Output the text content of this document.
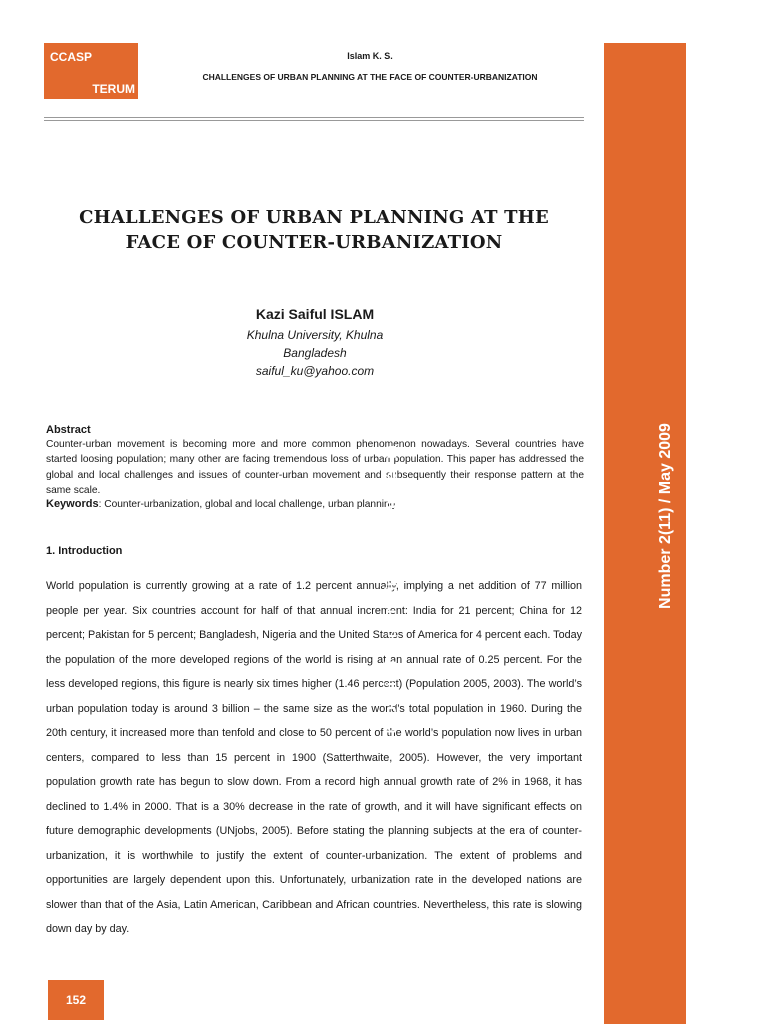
CCASP
TERUM
Islam K. S.
CHALLENGES OF URBAN PLANNING AT THE FACE OF COUNTER-URBANIZATION
CHALLENGES OF URBAN PLANNING AT THE
FACE OF COUNTER-URBANIZATION
Kazi Saiful ISLAM
Khulna University, Khulna
Bangladesh
saiful_ku@yahoo.com
Abstract
Counter-urban movement is becoming more and more common phenomenon nowadays. Several countries have started loosing population; many other are facing tremendous loss of urban population. This paper has addressed the global and local challenges and issues of counter-urban movement and subsequently their response pattern at the same scale.
Keywords: Counter-urbanization, global and local challenge, urban planning
1. Introduction
World population is currently growing at a rate of 1.2 percent annually, implying a net addition of 77 million people per year. Six countries account for half of that annual increment: India for 21 percent; China for 12 percent; Pakistan for 5 percent; Bangladesh, Nigeria and the United States of America for 4 percent each. Today the population of the more developed regions of the world is rising at an annual rate of 0.25 percent. For the less developed regions, this figure is nearly six times higher (1.46 percent) (Population 2005, 2003). The world’s urban population today is around 3 billion – the same size as the world’s total population in 1960. During the 20th century, it increased more than tenfold and close to 50 percent of the world’s population now lives in urban centers, compared to less than 15 percent in 1900 (Satterthwaite, 2005). However, the very important population growth rate has begun to slow down. From a record high annual growth rate of 2% in 1968, it has declined to 1.4% in 2000. That is a 30% decrease in the rate of growth, and it will have significant effects on future demographic developments (UNjobs, 2005). Before stating the planning subjects at the era of counter-urbanization, it is worthwhile to justify the extent of counter-urbanization. The extent of problems and opportunities are largely dependent upon this. Unfortunately, urbanization rate in the developed nations are slower than that of the Asia, Latin American, Caribbean and African countries. Nevertheless, this rate is slowing down day by day.
152
Theoretical and Empirical Researches in Urban Management	Number 2(11) / May 2009
